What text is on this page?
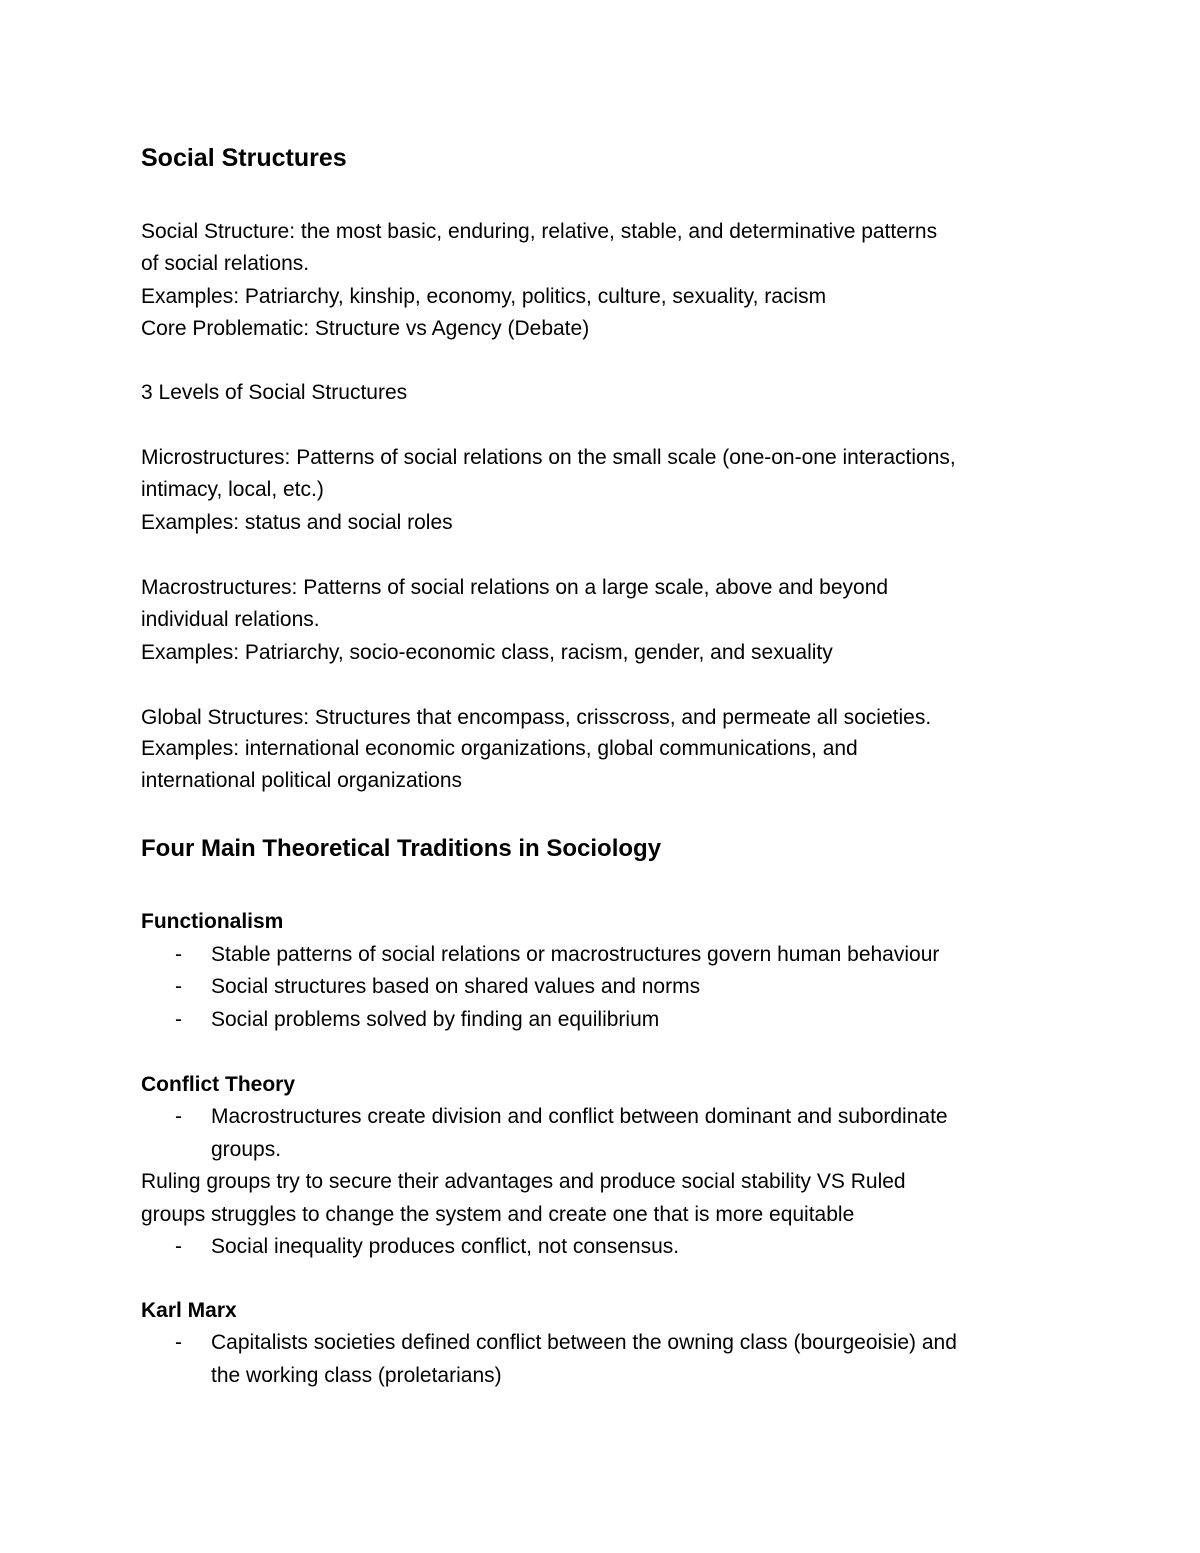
Social Structures
Social Structure: the most basic, enduring, relative, stable, and determinative patterns
of social relations.
Examples: Patriarchy, kinship, economy, politics, culture, sexuality, racism
Core Problematic: Structure vs Agency (Debate)
3 Levels of Social Structures
Microstructures: Patterns of social relations on the small scale (one-on-one interactions,
intimacy, local, etc.)
Examples: status and social roles
Macrostructures: Patterns of social relations on a large scale, above and beyond
individual relations.
Examples: Patriarchy, socio-economic class, racism, gender, and sexuality
Global Structures: Structures that encompass, crisscross, and permeate all societies.
Examples: international economic organizations, global communications, and
international political organizations
Four Main Theoretical Traditions in Sociology
Functionalism
- Stable patterns of social relations or macrostructures govern human behaviour
- Social structures based on shared values and norms
- Social problems solved by finding an equilibrium
Conflict Theory
- Macrostructures create division and conflict between dominant and subordinate
groups.
Ruling groups try to secure their advantages and produce social stability VS Ruled
groups struggles to change the system and create one that is more equitable
- Social inequality produces conflict, not consensus.
Karl Marx
- Capitalists societies defined conflict between the owning class (bourgeoisie) and
the working class (proletarians)
